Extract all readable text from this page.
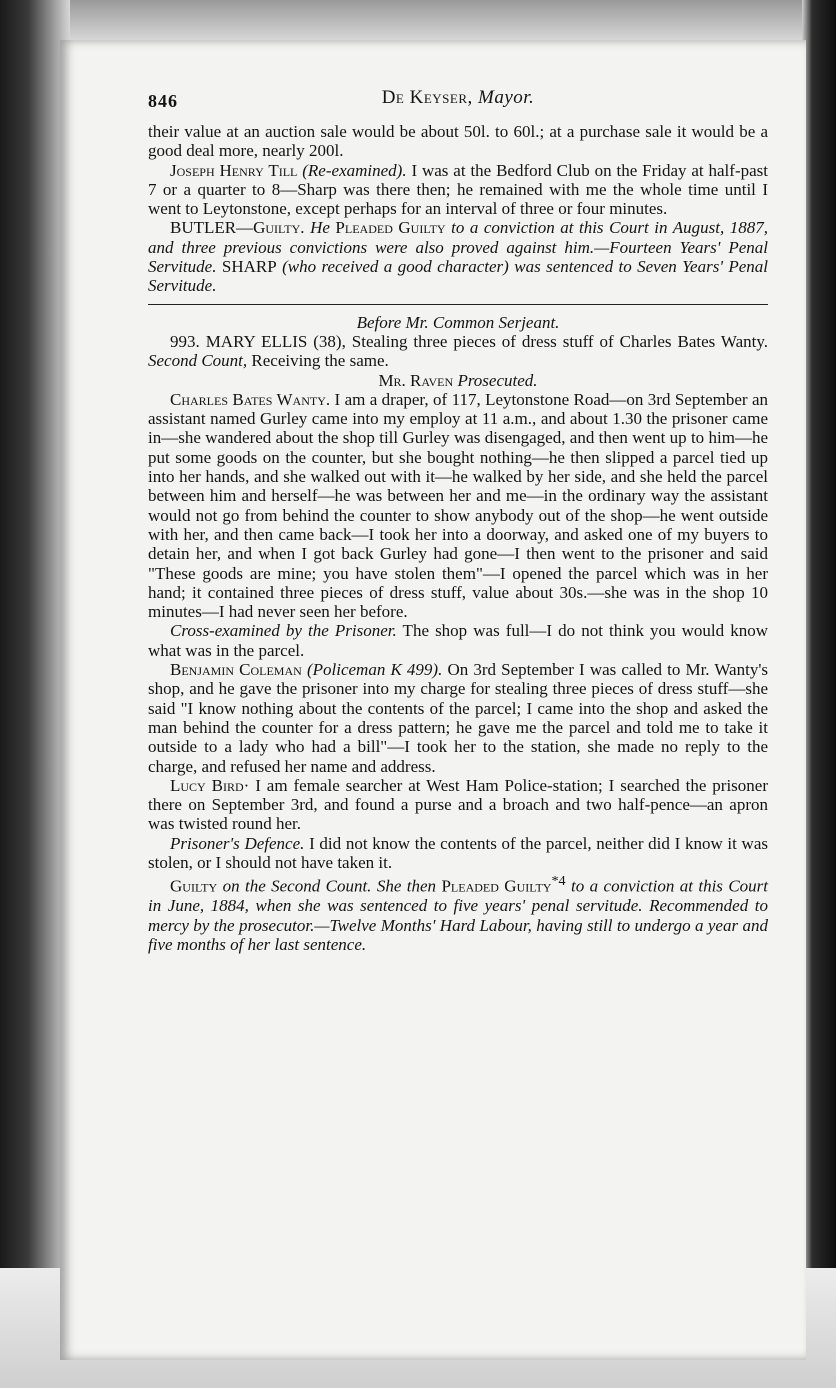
846	De Keyser, Mayor.

their value at an auction sale would be about 50l. to 60l.; at a purchase sale it would be a good deal more, nearly 200l.

Joseph Henry Till (Re-examined). I was at the Bedford Club on the Friday at half-past 7 or a quarter to 8—Sharp was there then; he remained with me the whole time until I went to Leytonstone, except perhaps for an interval of three or four minutes.

BUTLER—Guilty. He Pleaded Guilty to a conviction at this Court in August, 1887, and three previous convictions were also proved against him.—Fourteen Years' Penal Servitude. SHARP (who received a good character) was sentenced to Seven Years' Penal Servitude.

Before Mr. Common Serjeant.

993. MARY ELLIS (38), Stealing three pieces of dress stuff of Charles Bates Wanty. Second Count, Receiving the same.

Mr. Raven Prosecuted.

Charles Bates Wanty. I am a draper, of 117, Leytonstone Road—on 3rd September an assistant named Gurley came into my employ at 11 a.m., and about 1.30 the prisoner came in—she wandered about the shop till Gurley was disengaged, and then went up to him—he put some goods on the counter, but she bought nothing—he then slipped a parcel tied up into her hands, and she walked out with it—he walked by her side, and she held the parcel between him and herself—he was between her and me—in the ordinary way the assistant would not go from behind the counter to show anybody out of the shop—he went outside with her, and then came back—I took her into a doorway, and asked one of my buyers to detain her, and when I got back Gurley had gone—I then went to the prisoner and said "These goods are mine; you have stolen them"—I opened the parcel which was in her hand; it contained three pieces of dress stuff, value about 30s.—she was in the shop 10 minutes—I had never seen her before.

Cross-examined by the Prisoner. The shop was full—I do not think you would know what was in the parcel.

Benjamin Coleman (Policeman K 499). On 3rd September I was called to Mr. Wanty's shop, and he gave the prisoner into my charge for stealing three pieces of dress stuff—she said "I know nothing about the contents of the parcel; I came into the shop and asked the man behind the counter for a dress pattern; he gave me the parcel and told me to take it outside to a lady who had a bill"—I took her to the station, she made no reply to the charge, and refused her name and address.

Lucy Bird· I am female searcher at West Ham Police-station; I searched the prisoner there on September 3rd, and found a purse and a broach and two half-pence—an apron was twisted round her.

Prisoner's Defence. I did not know the contents of the parcel, neither did I know it was stolen, or I should not have taken it.

Guilty on the Second Count. She then Pleaded Guilty$^{*4}$ to a conviction at this Court in June, 1884, when she was sentenced to five years' penal servitude. Recommended to mercy by the prosecutor.—Twelve Months' Hard Labour, having still to undergo a year and five months of her last sentence.
